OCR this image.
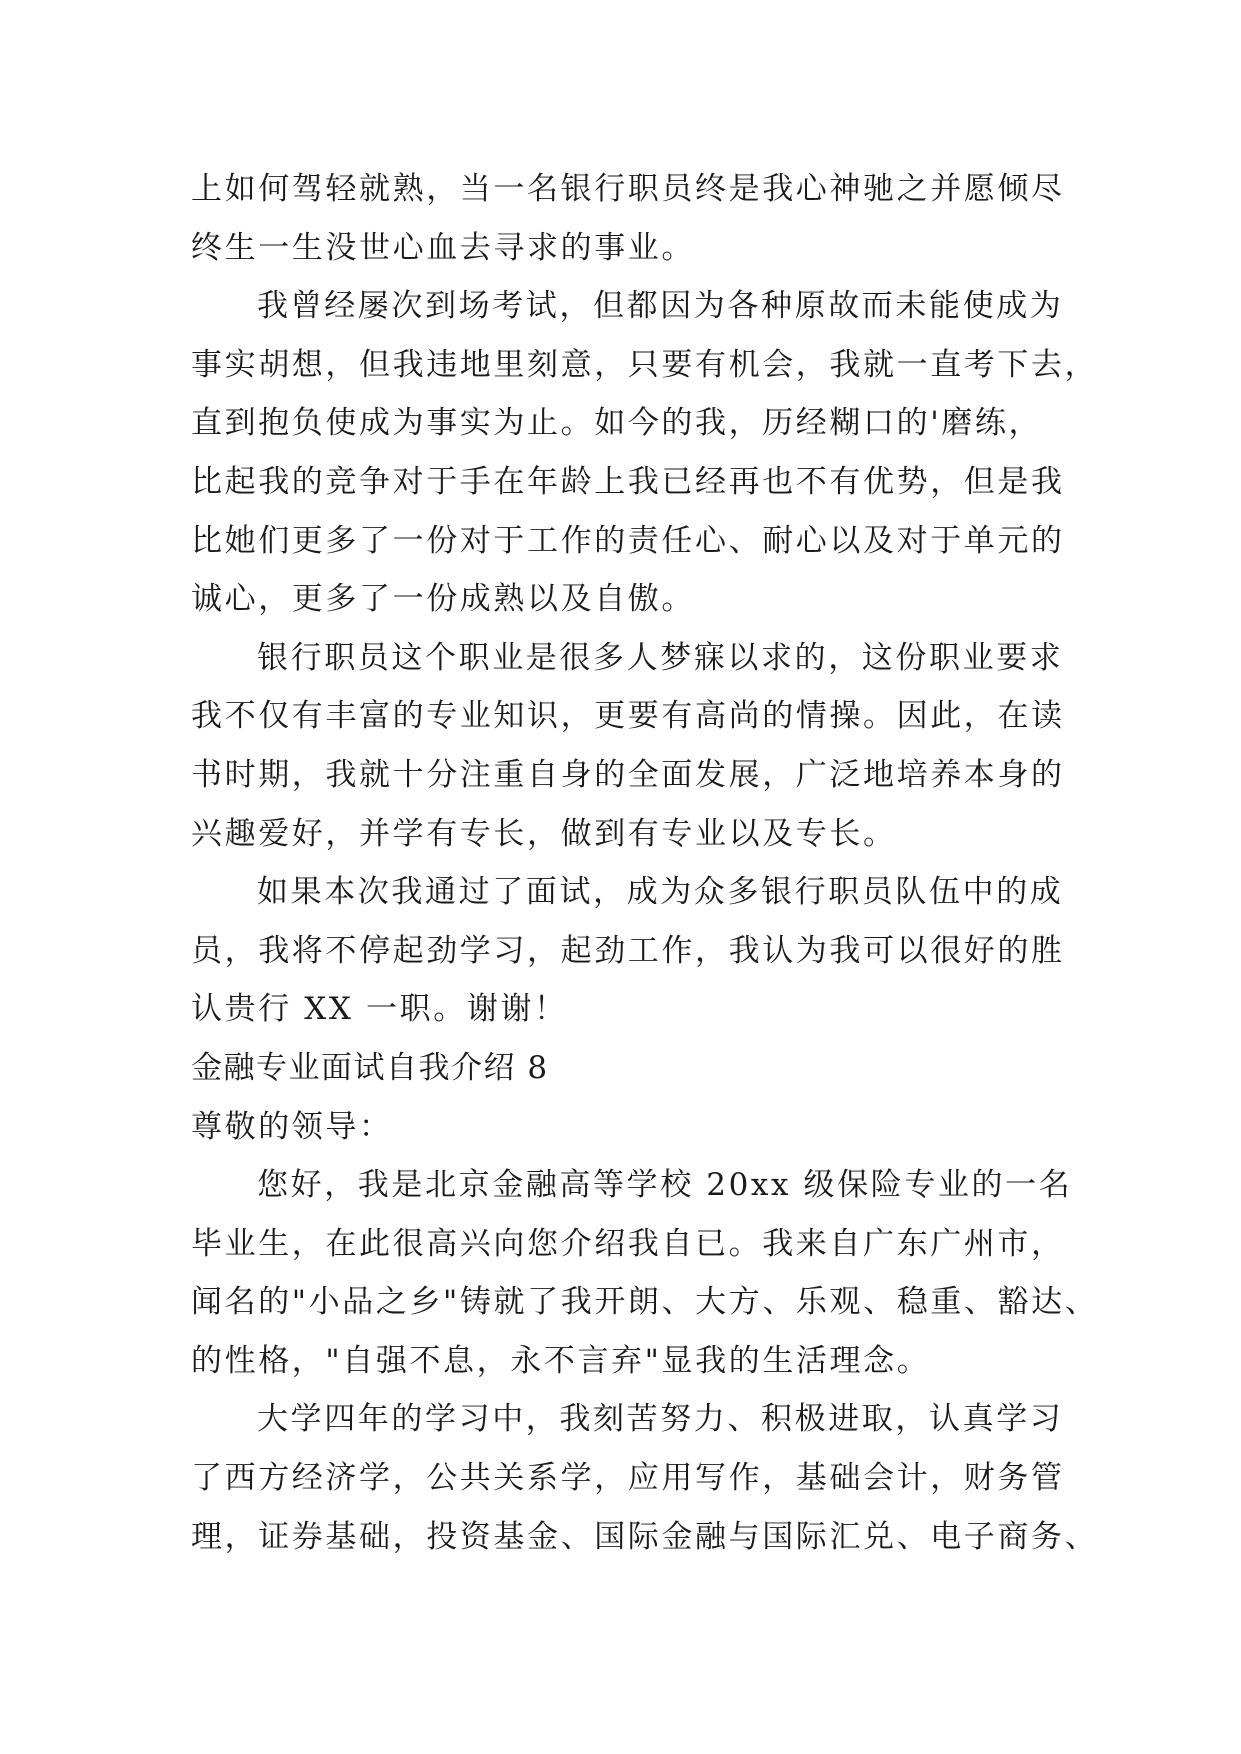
上如何驾轻就熟，当一名银行职员终是我心神驰之并愿倾尽
终生一生没世心血去寻求的事业。
我曾经屡次到场考试，但都因为各种原故而未能使成为
事实胡想，但我违地里刻意，只要有机会，我就一直考下去，
直到抱负使成为事实为止。如今的我，历经糊口的'磨练，
比起我的竞争对于手在年龄上我已经再也不有优势，但是我
比她们更多了一份对于工作的责任心、耐心以及对于单元的
诚心，更多了一份成熟以及自傲。
银行职员这个职业是很多人梦寐以求的，这份职业要求
我不仅有丰富的专业知识，更要有高尚的情操。因此，在读
书时期，我就十分注重自身的全面发展，广泛地培养本身的
兴趣爱好，并学有专长，做到有专业以及专长。
如果本次我通过了面试，成为众多银行职员队伍中的成
员，我将不停起劲学习，起劲工作，我认为我可以很好的胜
认贵行 XX 一职。谢谢！
金融专业面试自我介绍 8
尊敬的领导：
您好，我是北京金融高等学校 20xx 级保险专业的一名
毕业生，在此很高兴向您介绍我自已。我来自广东广州市，
闻名的"小品之乡"铸就了我开朗、大方、乐观、稳重、豁达、
的性格，"自强不息，永不言弃"显我的生活理念。
大学四年的学习中，我刻苦努力、积极进取，认真学习
了西方经济学，公共关系学，应用写作，基础会计，财务管
理，证券基础，投资基金、国际金融与国际汇兑、电子商务、
